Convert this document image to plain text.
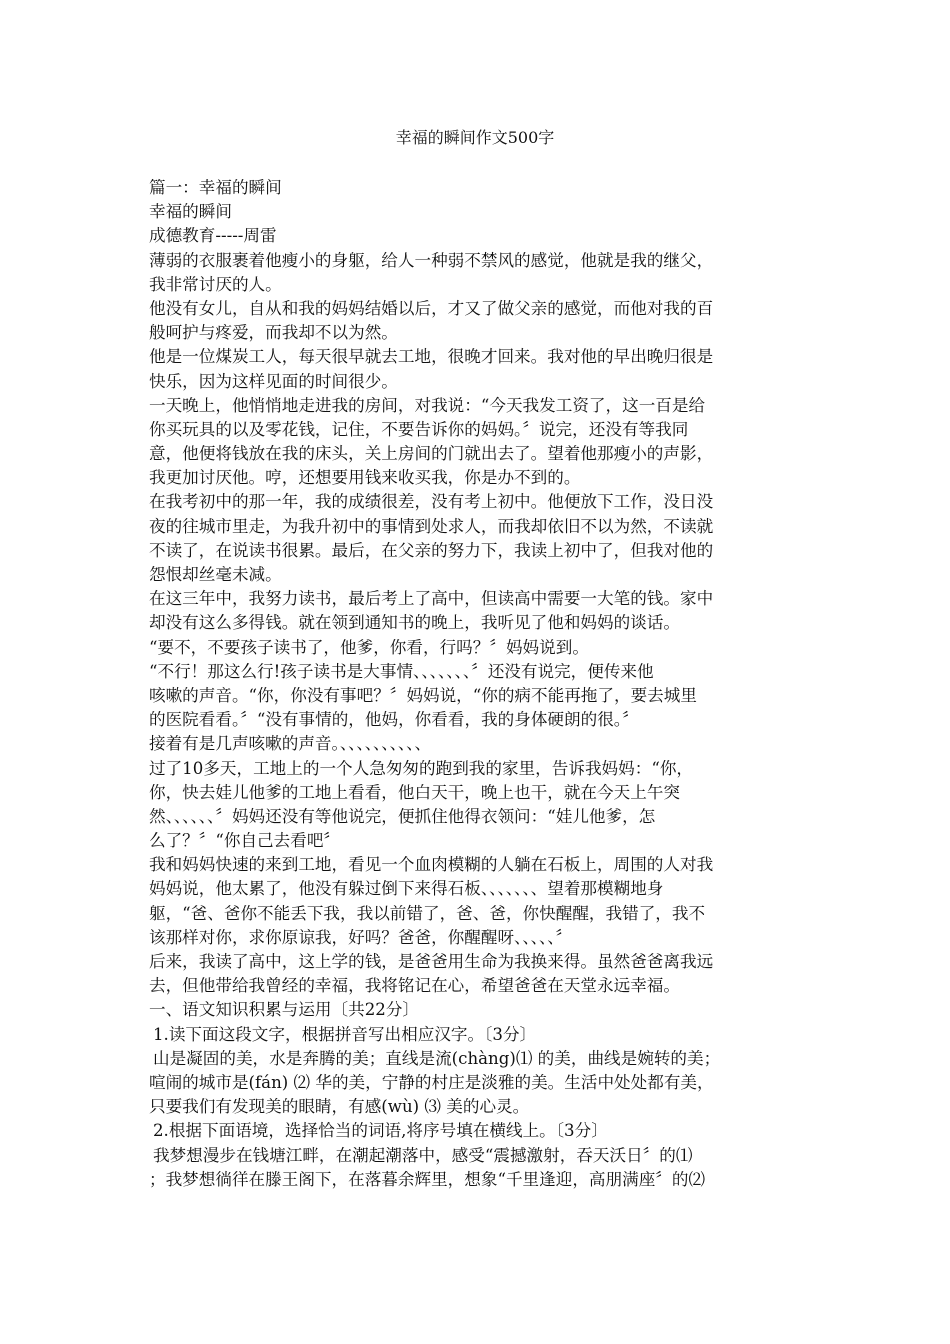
幸福的瞬间作文500字
篇一：幸福的瞬间
幸福的瞬间
成德教育-----周雷
薄弱的衣服裹着他瘦小的身躯，给人一种弱不禁风的感觉，他就是我的继父，
我非常讨厌的人。
他没有女儿，自从和我的妈妈结婚以后，才又了做父亲的感觉，而他对我的百
般呵护与疼爱，而我却不以为然。
他是一位煤炭工人，每天很早就去工地，很晚才回来。我对他的早出晚归很是
快乐，因为这样见面的时间很少。
一天晚上，他悄悄地走进我的房间，对我说：“今天我发工资了，这一百是给
你买玩具的以及零花钱，记住，不要告诉你的妈妈。〞说完，还没有等我同
意，他便将钱放在我的床头，关上房间的门就出去了。望着他那瘦小的声影，
我更加讨厌他。哼，还想要用钱来收买我，你是办不到的。
在我考初中的那一年，我的成绩很差，没有考上初中。他便放下工作，没日没
夜的往城市里走，为我升初中的事情到处求人，而我却依旧不以为然，不读就
不读了，在说读书很累。最后，在父亲的努力下，我读上初中了，但我对他的
怨恨却丝毫未减。
在这三年中，我努力读书，最后考上了高中，但读高中需要一大笔的钱。家中
却没有这么多得钱。就在领到通知书的晚上，我听见了他和妈妈的谈话。
“要不，不要孩子读书了，他爹，你看，行吗？〞妈妈说到。
“不行！那这么行!孩子读书是大事情、、、、、、、〞还没有说完，便传来他
咳嗽的声音。“你，你没有事吧？〞妈妈说，“你的病不能再拖了，要去城里
的医院看看。〞“没有事情的，他妈，你看看，我的身体硬朗的很。〞
接着有是几声咳嗽的声音。、、、、、、、、、、
过了10多天，工地上的一个人急匆匆的跑到我的家里，告诉我妈妈：“你，
你，快去娃儿他爹的工地上看看，他白天干，晚上也干，就在今天上午突
然、、、、、、〞妈妈还没有等他说完，便抓住他得衣领问：“娃儿他爹，怎
么了？〞“你自己去看吧〞
我和妈妈快速的来到工地，看见一个血肉模糊的人躺在石板上，周围的人对我
妈妈说，他太累了，他没有躲过倒下来得石板、、、、、、、望着那模糊地身
躯，“爸、爸你不能丢下我，我以前错了，爸、爸，你快醒醒，我错了，我不
该那样对你，求你原谅我，好吗？爸爸，你醒醒呀、、、、、〞
后来，我读了高中，这上学的钱，是爸爸用生命为我换来得。虽然爸爸离我远
去，但他带给我曾经的幸福，我将铭记在心，希望爸爸在天堂永远幸福。
一、语文知识积累与运用〔共22分〕
1.读下面这段文字，根据拼音写出相应汉字。〔3分〕
山是凝固的美，水是奔腾的美；直线是流(chàng)⑴ 的美，曲线是婉转的美；
喧闹的城市是(fán) ⑵ 华的美，宁静的村庄是淡雅的美。生活中处处都有美，
只要我们有发现美的眼睛，有感(wù) ⑶ 美的心灵。
2.根据下面语境，选择恰当的词语,将序号填在横线上。〔3分〕
我梦想漫步在钱塘江畔，在潮起潮落中，感受“震撼激射，吞天沃日〞的⑴
；我梦想徜徉在滕王阁下，在落暮余辉里，想象“千里逢迎，高朋满座〞的⑵
